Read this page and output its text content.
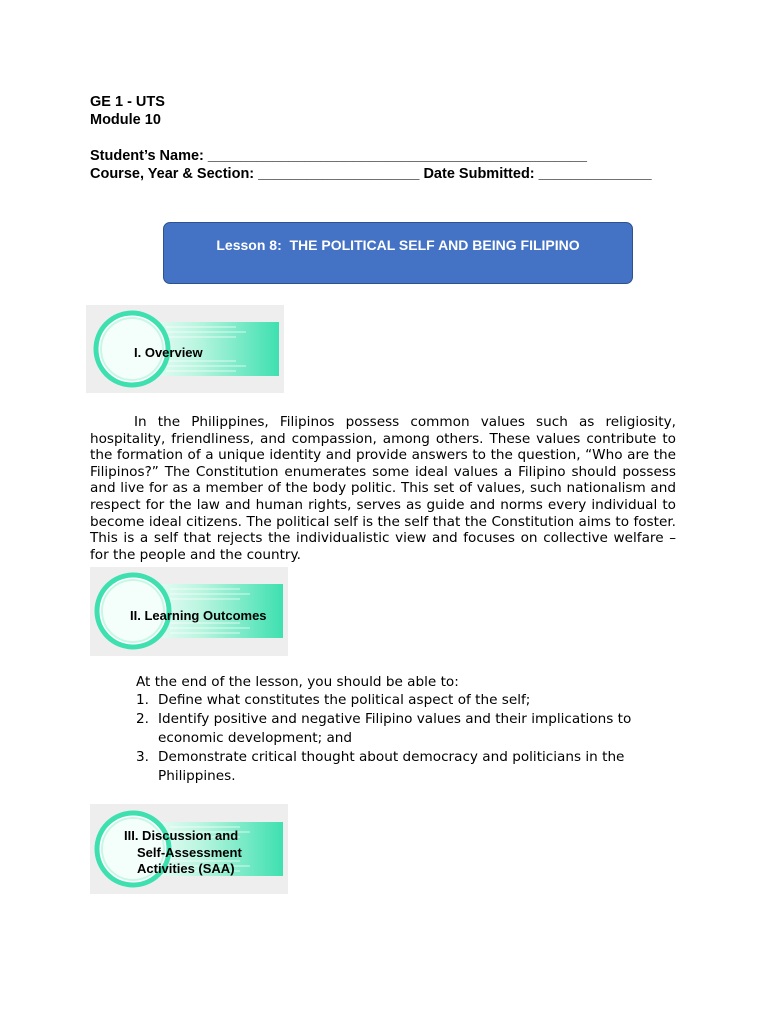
GE 1 - UTS
Module 10
Student’s Name: _______________________________________________
Course, Year & Section: ____________________ Date Submitted: ______________
Lesson 8:  THE POLITICAL SELF AND BEING FILIPINO
I. Overview
In the Philippines, Filipinos possess common values such as religiosity, hospitality, friendliness, and compassion, among others. These values contribute to the formation of a unique identity and provide answers to the question, “Who are the Filipinos?” The Constitution enumerates some ideal values a Filipino should possess and live for as a member of the body politic. This set of values, such nationalism and respect for the law and human rights, serves as guide and norms every individual to become ideal citizens. The political self is the self that the Constitution aims to foster. This is a self that rejects the individualistic view and focuses on collective welfare – for the people and the country.
II. Learning Outcomes
At the end of the lesson, you should be able to:
1. Define what constitutes the political aspect of the self;
2. Identify positive and negative Filipino values and their implications to economic development; and
3. Demonstrate critical thought about democracy and politicians in the Philippines.
III. Discussion and
Self-Assessment
Activities (SAA)
